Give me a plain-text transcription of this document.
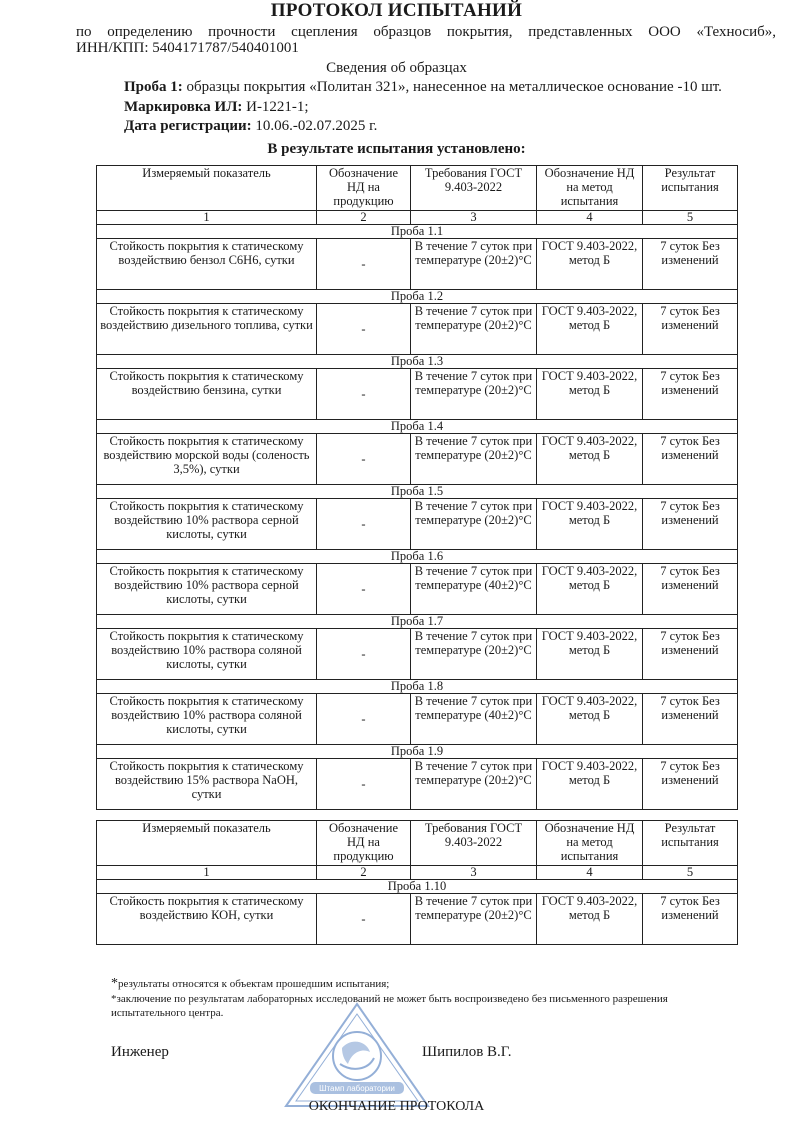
ПРОТОКОЛ ИСПЫТАНИЙ
по определению прочности сцепления образцов покрытия, представленных ООО «Техносиб»,
ИНН/КПП: 5404171787/540401001
Сведения об образцах
Проба 1: образцы покрытия «Политан 321», нанесенное на металлическое основание -10 шт.
Маркировка ИЛ: И-1221-1;
Дата регистрации: 10.06.-02.07.2025 г.
В результате испытания установлено:
Измеряемый показатель	Обозначение НД на продукцию	Требования ГОСТ 9.403-2022	Обозначение НД на метод испытания	Результат испытания
1	2	3	4	5
Проба 1.1				
Стойкость покрытия к статическому воздействию бензол С6Н6, сутки	-	В течение 7 суток при температуре (20±2)°С	ГОСТ 9.403-2022, метод Б	7 суток Без изменений
Проба 1.2				
Стойкость покрытия к статическому воздействию дизельного топлива, сутки	-	В течение 7 суток при температуре (20±2)°С	ГОСТ 9.403-2022, метод Б	7 суток Без изменений
Проба 1.3				
Стойкость покрытия к статическому воздействию бензина, сутки	-	В течение 7 суток при температуре (20±2)°С	ГОСТ 9.403-2022, метод Б	7 суток Без изменений
Проба 1.4				
Стойкость покрытия к статическому воздействию морской воды (соленость 3,5%), сутки	-	В течение 7 суток при температуре (20±2)°С	ГОСТ 9.403-2022, метод Б	7 суток Без изменений
Проба 1.5				
Стойкость покрытия к статическому воздействию 10% раствора серной кислоты, сутки	-	В течение 7 суток при температуре (20±2)°С	ГОСТ 9.403-2022, метод Б	7 суток Без изменений
Проба 1.6				
Стойкость покрытия к статическому воздействию 10% раствора серной кислоты, сутки	-	В течение 7 суток при температуре (40±2)°С	ГОСТ 9.403-2022, метод Б	7 суток Без изменений
Проба 1.7				
Стойкость покрытия к статическому воздействию 10% раствора соляной кислоты, сутки	-	В течение 7 суток при температуре (20±2)°С	ГОСТ 9.403-2022, метод Б	7 суток Без изменений
Проба 1.8				
Стойкость покрытия к статическому воздействию 10% раствора соляной кислоты, сутки	-	В течение 7 суток при температуре (40±2)°С	ГОСТ 9.403-2022, метод Б	7 суток Без изменений
Проба 1.9				
Стойкость покрытия к статическому воздействию 15% раствора NaOH, сутки	-	В течение 7 суток при температуре (20±2)°С	ГОСТ 9.403-2022, метод Б	7 суток Без изменений
Измеряемый показатель	Обозначение НД на продукцию	Требования ГОСТ 9.403-2022	Обозначение НД на метод испытания	Результат испытания
1	2	3	4	5
Проба 1.10				
Стойкость покрытия к статическому воздействию КОН, сутки	-	В течение 7 суток при температуре (20±2)°С	ГОСТ 9.403-2022, метод Б	7 суток Без изменений
*результаты относятся к объектам прошедшим испытания;
*заключение по результатам лабораторных исследований не может быть воспроизведено без письменного разрешения испытательного центра.
Штамп лаборатории
Инженер	Шипилов В.Г.
ОКОНЧАНИЕ ПРОТОКОЛА
